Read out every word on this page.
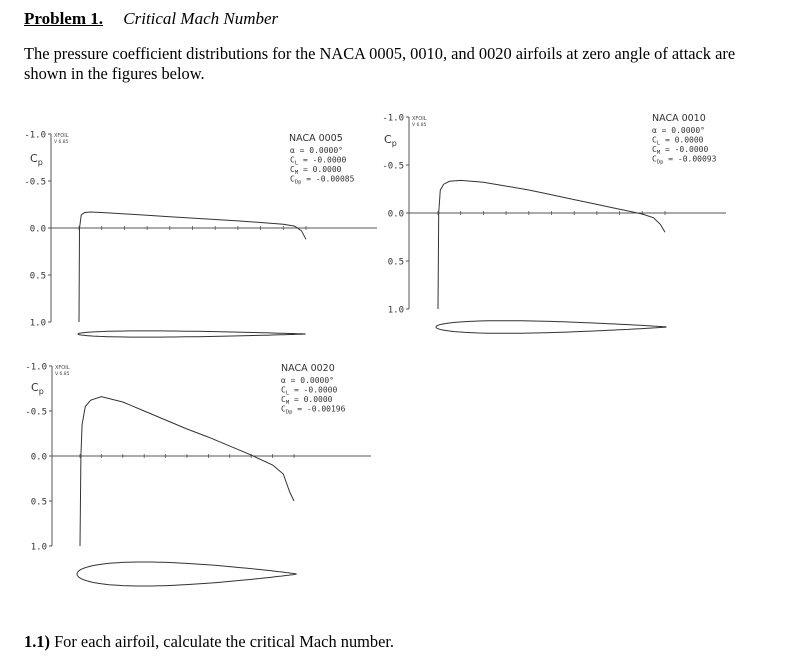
Problem 1. Critical Mach Number
The pressure coefficient distributions for the NACA 0005, 0010, and 0020 airfoils at zero angle of attack are shown in the figures below.
-1.0
-0.5
0.0
0.5
1.0
$C_p$
XFOIL
V 6.85	NACA 0005
α = 0.0000°
$C_L = -0.0000$
$C_M = 0.0000$
$C_{Dp} = -0.00085$
-1.0
-0.5
0.0
0.5
1.0
$C_p$
XFOIL
V 6.85
NACA 0010
α = 0.0000°
$C_L = 0.0000$
$C_M = -0.0000$
$C_{Dp} = -0.00093$
-1.0
-0.5
0.0
0.5
1.0
$C_p$
XFOIL
V 6.85
NACA 0020
α = 0.0000°
$C_L = -0.0000$
$C_M = 0.0000$
$C_{Dp} = -0.00196$
1.1) For each airfoil, calculate the critical Mach number.
